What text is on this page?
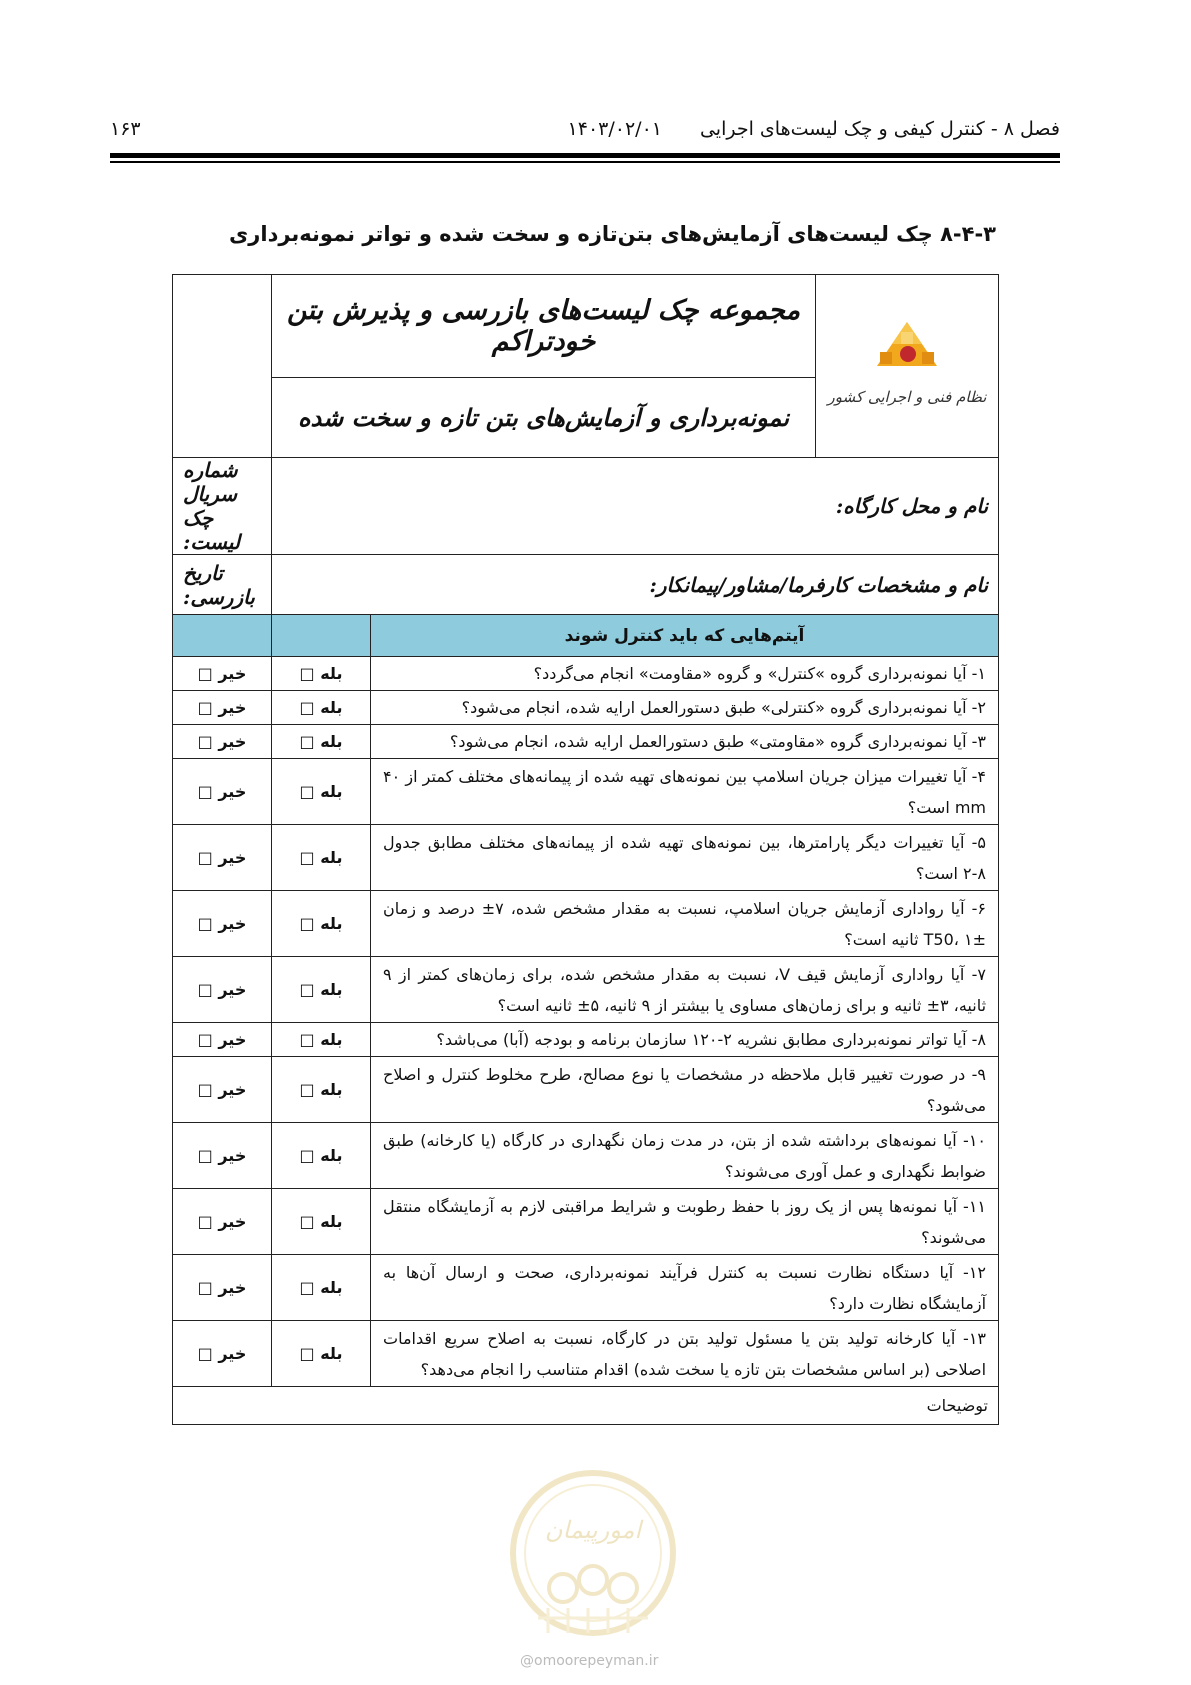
فصل ۸ - کنترل کیفی و چک لیست‌های اجرایی
۱۴۰۳/۰۲/۰۱
۱۶۳
۸-۴-۳ چک لیست‌های آزمایش‌های بتن‌تازه و سخت شده و تواتر نمونه‌برداری
نظام فنی و اجرایی کشور	مجموعه چک لیست‌های بازرسی و پذیرش بتن خودتراکم		
	نمونه‌برداری و آزمایش‌های بتن تازه و سخت شده		
نام و محل کارگاه:			شماره سریال چک لیست:
نام و مشخصات کارفرما/مشاور/پیمانکار:			تاریخ بازرسی:
آیتم‌هایی که باید کنترل شوند			
۱- آیا نمونه‌برداری گروه »کنترل» و گروه «مقاومت» انجام می‌گردد؟		بله □	خیر □
۲- آیا نمونه‌برداری گروه «کنترلی» طبق دستورالعمل ارایه شده، انجام می‌شود؟		بله □	خیر □
۳- آیا نمونه‌برداری گروه «مقاومتی» طبق دستورالعمل ارایه شده، انجام می‌شود؟		بله □	خیر □
۴- آیا تغییرات میزان جریان اسلامپ بین نمونه‌های تهیه شده از پیمانه‌های مختلف کمتر از ۴۰ mm است؟		بله □	خیر □
۵- آیا تغییرات دیگر پارامترها، بین نمونه‌های تهیه شده از پیمانه‌های مختلف مطابق جدول ۸-۲ است؟		بله □	خیر □
۶- آیا رواداری آزمایش جریان اسلامپ، نسبت به مقدار مشخص شده، ۷± درصد و زمان T50، ۱± ثانیه است؟		بله □	خیر □
۷- آیا رواداری آزمایش قیف V، نسبت به مقدار مشخص شده، برای زمان‌های کمتر از ۹ ثانیه، ۳± ثانیه و برای زمان‌های مساوی یا بیشتر از ۹ ثانیه، ۵± ثانیه است؟		بله □	خیر □
۸- آیا تواتر نمونه‌برداری مطابق نشریه ۲-۱۲۰ سازمان برنامه و بودجه (آبا) می‌باشد؟		بله □	خیر □
۹- در صورت تغییر قابل ملاحظه در مشخصات یا نوع مصالح، طرح مخلوط کنترل و اصلاح می‌شود؟		بله □	خیر □
۱۰- آیا نمونه‌های برداشته شده از بتن، در مدت زمان نگهداری در کارگاه (یا کارخانه) طبق ضوابط نگهداری و عمل آوری می‌شوند؟		بله □	خیر □
۱۱- آیا نمونه‌ها پس از یک روز با حفظ رطوبت و شرایط مراقبتی لازم به آزمایشگاه منتقل می‌شوند؟		بله □	خیر □
۱۲- آیا دستگاه نظارت نسبت به کنترل فرآیند نمونه‌برداری، صحت و ارسال آن‌ها به آزمایشگاه نظارت دارد؟		بله □	خیر □
۱۳- آیا کارخانه تولید بتن یا مسئول تولید بتن در کارگاه، نسبت به اصلاح سریع اقدامات اصلاحی (بر اساس مشخصات بتن تازه یا سخت شده) اقدام متناسب را انجام می‌دهد؟		بله □	خیر □
توضیحات			
امورپیمان
@omoorepeyman.ir
